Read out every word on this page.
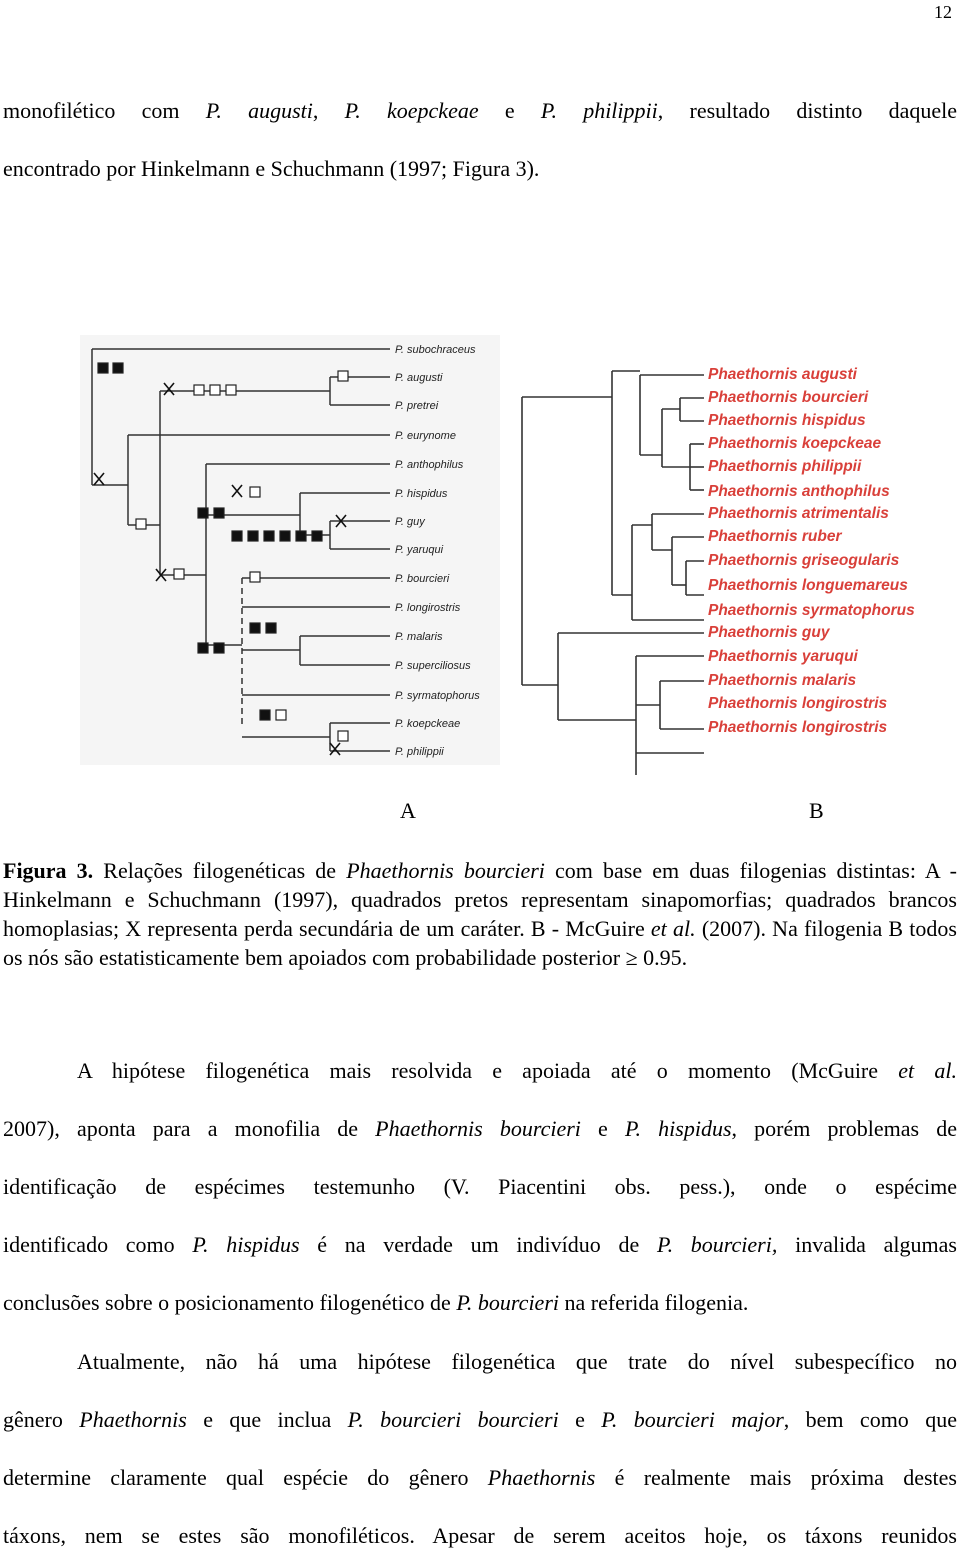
12

monofilético com P. augusti, P. koepckeae e P. philippii, resultado distinto daquele

encontrado por Hinkelmann e Schuchmann (1997; Figura 3).

P. subochraceus
P. augusti
P. pretrei
P. eurynome
P. anthophilus
P. hispidus
P. guy
P. yaruqui
P. bourcieri
P. longirostris
P. malaris
P. superciliosus
P. syrmatophorus
P. koepckeae
P. philippii
Phaethornis augusti
Phaethornis bourcieri
Phaethornis hispidus
Phaethornis koepckeae
Phaethornis philippii
Phaethornis anthophilus
Phaethornis atrimentalis
Phaethornis ruber
Phaethornis griseogularis
Phaethornis longuemareus
Phaethornis syrmatophorus
Phaethornis guy
Phaethornis yaruqui
Phaethornis malaris
Phaethornis longirostris
Phaethornis longirostris
A	B

Figura 3. Relações filogenéticas de Phaethornis bourcieri com base em duas filogenias distintas: A - Hinkelmann e Schuchmann (1997), quadrados pretos representam sinapomorfias; quadrados brancos homoplasias; X representa perda secundária de um caráter. B - McGuire et al. (2007). Na filogenia B todos os nós são estatisticamente bem apoiados com probabilidade posterior ≥ 0.95.

A hipótese filogenética mais resolvida e apoiada até o momento (McGuire et al.

2007), aponta para a monofilia de Phaethornis bourcieri e P. hispidus, porém problemas de

identificação de espécimes testemunho (V. Piacentini obs. pess.), onde o espécime

identificado como P. hispidus é na verdade um indivíduo de P. bourcieri, invalida algumas

conclusões sobre o posicionamento filogenético de P. bourcieri na referida filogenia.

Atualmente, não há uma hipótese filogenética que trate do nível subespecífico no

gênero Phaethornis e que inclua P. bourcieri bourcieri e P. bourcieri major, bem como que

determine claramente qual espécie do gênero Phaethornis é realmente mais próxima destes

táxons, nem se estes são monofiléticos. Apesar de serem aceitos hoje, os táxons reunidos
